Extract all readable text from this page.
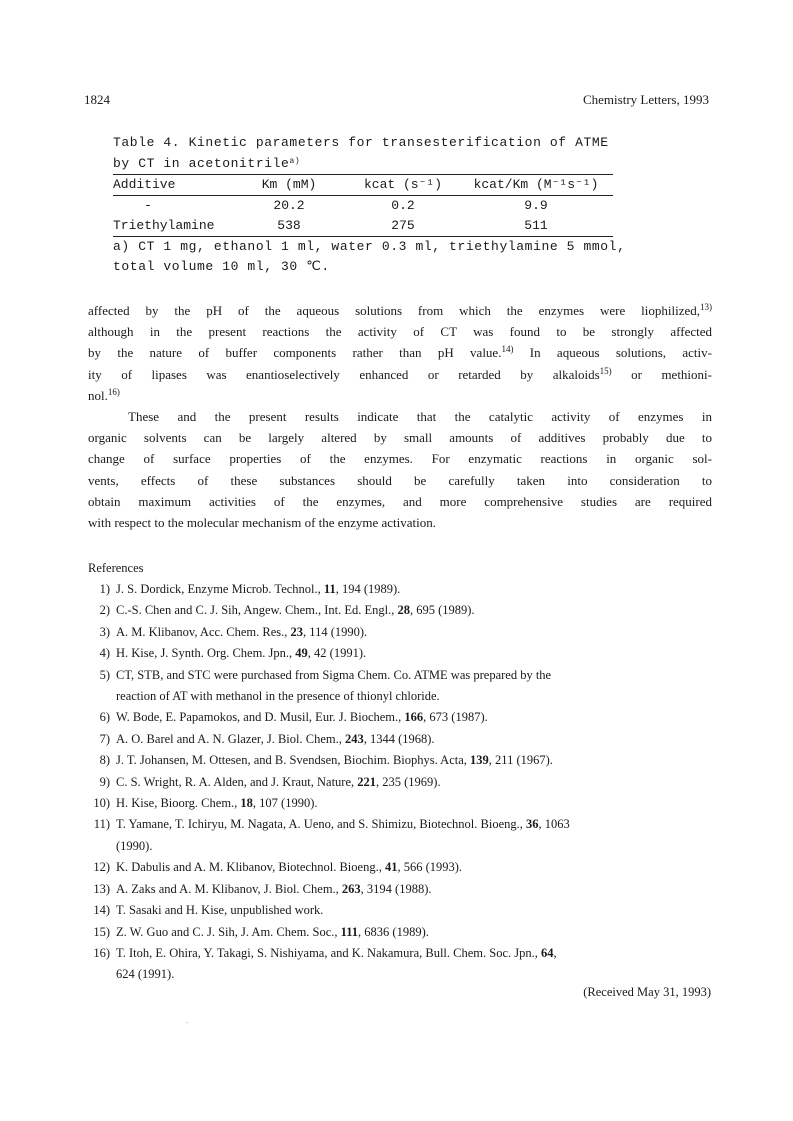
1824	Chemistry Letters, 1993
Table 4. Kinetic parameters for transesterification of ATME
by CT in acetonitrile$^{a)}$
Additive	Km (mM)	kcat (s⁻¹)	kcat/Km (M⁻¹s⁻¹)
-	20.2	0.2	9.9
Triethylamine	538	275	511
a) CT 1 mg, ethanol 1 ml, water 0.3 ml, triethylamine 5 mmol,
total volume 10 ml, 30 ℃.
affected by the pH of the aqueous solutions from which the enzymes were liophilized,$^{13)}$
although in the present reactions the activity of CT was found to be strongly affected
by the nature of buffer components rather than pH value.$^{14)}$ In aqueous solutions, activ-
ity of lipases was enantioselectively enhanced or retarded by alkaloids$^{15)}$ or methioni-
nol.$^{16)}$
These and the present results indicate that the catalytic activity of enzymes in
organic solvents can be largely altered by small amounts of additives probably due to
change of surface properties of the enzymes. For enzymatic reactions in organic sol-
vents, effects of these substances should be carefully taken into consideration to
obtain maximum activities of the enzymes, and more comprehensive studies are required
with respect to the molecular mechanism of the enzyme activation.
References
1) J. S. Dordick, Enzyme Microb. Technol., 11, 194 (1989).
2) C.-S. Chen and C. J. Sih, Angew. Chem., Int. Ed. Engl., 28, 695 (1989).
3) A. M. Klibanov, Acc. Chem. Res., 23, 114 (1990).
4) H. Kise, J. Synth. Org. Chem. Jpn., 49, 42 (1991).
5) CT, STB, and STC were purchased from Sigma Chem. Co. ATME was prepared by the
reaction of AT with methanol in the presence of thionyl chloride.
6) W. Bode, E. Papamokos, and D. Musil, Eur. J. Biochem., 166, 673 (1987).
7) A. O. Barel and A. N. Glazer, J. Biol. Chem., 243, 1344 (1968).
8) J. T. Johansen, M. Ottesen, and B. Svendsen, Biochim. Biophys. Acta, 139, 211 (1967).
9) C. S. Wright, R. A. Alden, and J. Kraut, Nature, 221, 235 (1969).
10) H. Kise, Bioorg. Chem., 18, 107 (1990).
11) T. Yamane, T. Ichiryu, M. Nagata, A. Ueno, and S. Shimizu, Biotechnol. Bioeng., 36, 1063
(1990).
12) K. Dabulis and A. M. Klibanov, Biotechnol. Bioeng., 41, 566 (1993).
13) A. Zaks and A. M. Klibanov, J. Biol. Chem., 263, 3194 (1988).
14) T. Sasaki and H. Kise, unpublished work.
15) Z. W. Guo and C. J. Sih, J. Am. Chem. Soc., 111, 6836 (1989).
16) T. Itoh, E. Ohira, Y. Takagi, S. Nishiyama, and K. Nakamura, Bull. Chem. Soc. Jpn., 64,
624 (1991).
(Received May 31, 1993)
